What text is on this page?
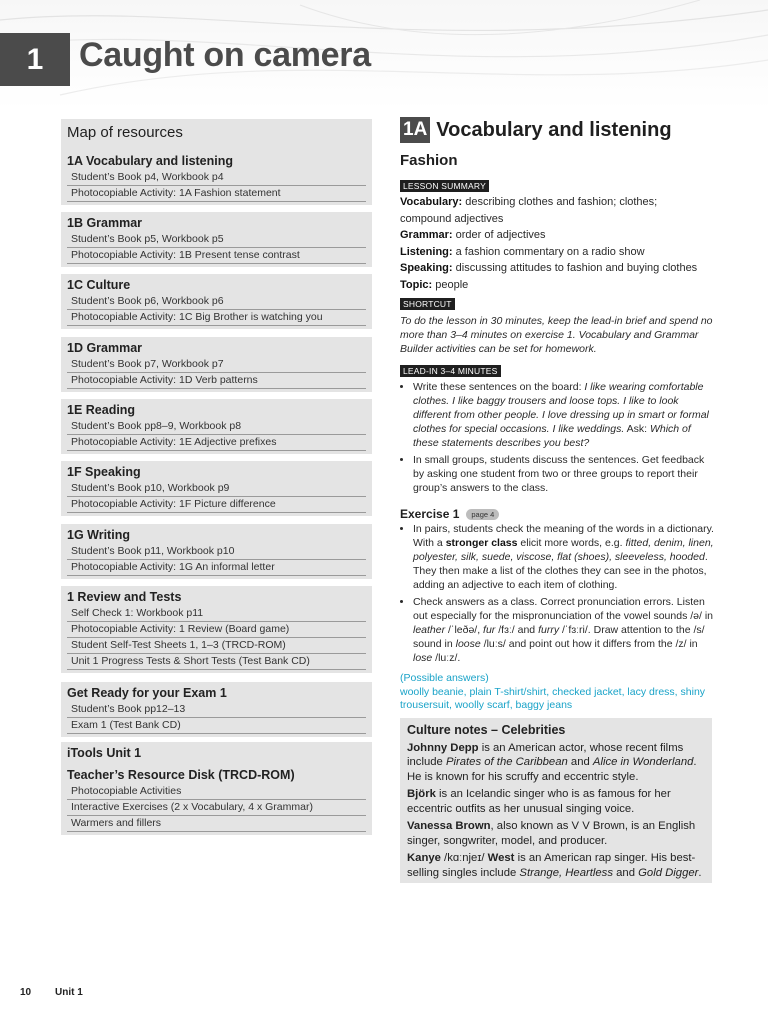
1	Caught on camera
Map of resources
1A Vocabulary and listening
Student’s Book p4, Workbook p4
Photocopiable Activity: 1A Fashion statement
1B Grammar
Student’s Book p5, Workbook p5
Photocopiable Activity: 1B Present tense contrast
1C Culture
Student’s Book p6, Workbook p6
Photocopiable Activity: 1C Big Brother is watching you
1D Grammar
Student’s Book p7, Workbook p7
Photocopiable Activity: 1D Verb patterns
1E Reading
Student’s Book pp8–9, Workbook p8
Photocopiable Activity: 1E Adjective prefixes
1F Speaking
Student’s Book p10, Workbook p9
Photocopiable Activity: 1F Picture difference
1G Writing
Student’s Book p11, Workbook p10
Photocopiable Activity: 1G An informal letter
1 Review and Tests
Self Check 1: Workbook p11
Photocopiable Activity: 1 Review (Board game)
Student Self-Test Sheets 1, 1–3 (TRCD-ROM)
Unit 1 Progress Tests & Short Tests (Test Bank CD)
Get Ready for your Exam 1
Student’s Book pp12–13
Exam 1 (Test Bank CD)
iTools Unit 1
Teacher’s Resource Disk (TRCD-ROM)
Photocopiable Activities
Interactive Exercises (2 x Vocabulary, 4 x Grammar)
Warmers and fillers
1A Vocabulary and listening
Fashion
LESSON SUMMARY
Vocabulary: describing clothes and fashion; clothes;
compound adjectives
Grammar: order of adjectives
Listening: a fashion commentary on a radio show
Speaking: discussing attitudes to fashion and buying clothes
Topic: people
SHORTCUT
To do the lesson in 30 minutes, keep the lead-in brief and spend no
more than 3–4 minutes on exercise 1. Vocabulary and Grammar
Builder activities can be set for homework.
LEAD-IN 3–4 MINUTES
• Write these sentences on the board: I like wearing comfortable clothes. I like baggy trousers and loose tops. I like to look different from other people. I love dressing up in smart or formal clothes for special occasions. I like weddings. Ask: Which of these statements describes you best?
• In small groups, students discuss the sentences. Get feedback by asking one student from two or three groups to report their group’s answers to the class.
Exercise 1	page 4
• In pairs, students check the meaning of the words in a dictionary. With a stronger class elicit more words, e.g. fitted, denim, linen, polyester, silk, suede, viscose, flat (shoes), sleeveless, hooded. They then make a list of the clothes they can see in the photos, adding an adjective to each item of clothing.
• Check answers as a class. Correct pronunciation errors. Listen out especially for the mispronunciation of the vowel sounds /ə/ in leather /ˈleðə/, fur /fɜː/ and furry /ˈfɜːri/. Draw attention to the /s/ sound in loose /luːs/ and point out how it differs from the /z/ in lose /luːz/.
(Possible answers)
woolly beanie, plain T-shirt/shirt, checked jacket, lacy dress, shiny trousersuit, woolly scarf, baggy jeans
Culture notes – Celebrities

Johnny Depp is an American actor, whose recent films include Pirates of the Caribbean and Alice in Wonderland. He is known for his scruffy and eccentric style.

Björk is an Icelandic singer who is as famous for her eccentric outfits as her unusual singing voice.

Vanessa Brown, also known as V V Brown, is an English singer, songwriter, model, and producer.

Kanye /kɑːnjeɪ/ West is an American rap singer. His best-selling singles include Strange, Heartless and Gold Digger.

10 Unit 1
